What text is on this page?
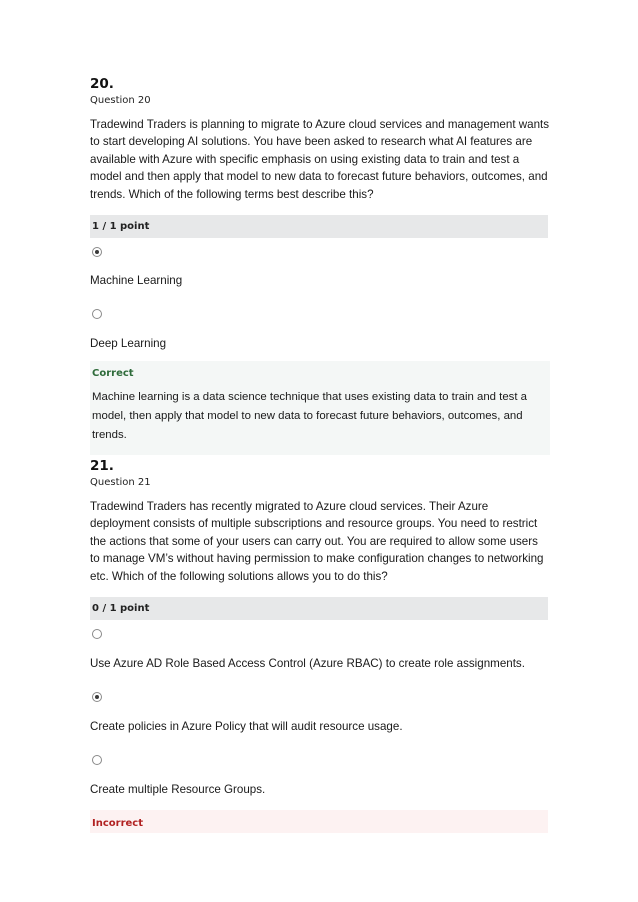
20.
Question 20

Tradewind Traders is planning to migrate to Azure cloud services and management wants to start developing AI solutions. You have been asked to research what AI features are available with Azure with specific emphasis on using existing data to train and test a model and then apply that model to new data to forecast future behaviors, outcomes, and trends. Which of the following terms best describe this?

1 / 1 point
Machine Learning
Deep Learning
Correct
Machine learning is a data science technique that uses existing data to train and test a model, then apply that model to new data to forecast future behaviors, outcomes, and trends.
21.
Question 21

Tradewind Traders has recently migrated to Azure cloud services. Their Azure deployment consists of multiple subscriptions and resource groups. You need to restrict the actions that some of your users can carry out. You are required to allow some users to manage VM’s without having permission to make configuration changes to networking etc. Which of the following solutions allows you to do this?

0 / 1 point
Use Azure AD Role Based Access Control (Azure RBAC) to create role assignments.
Create policies in Azure Policy that will audit resource usage.
Create multiple Resource Groups.
Incorrect
